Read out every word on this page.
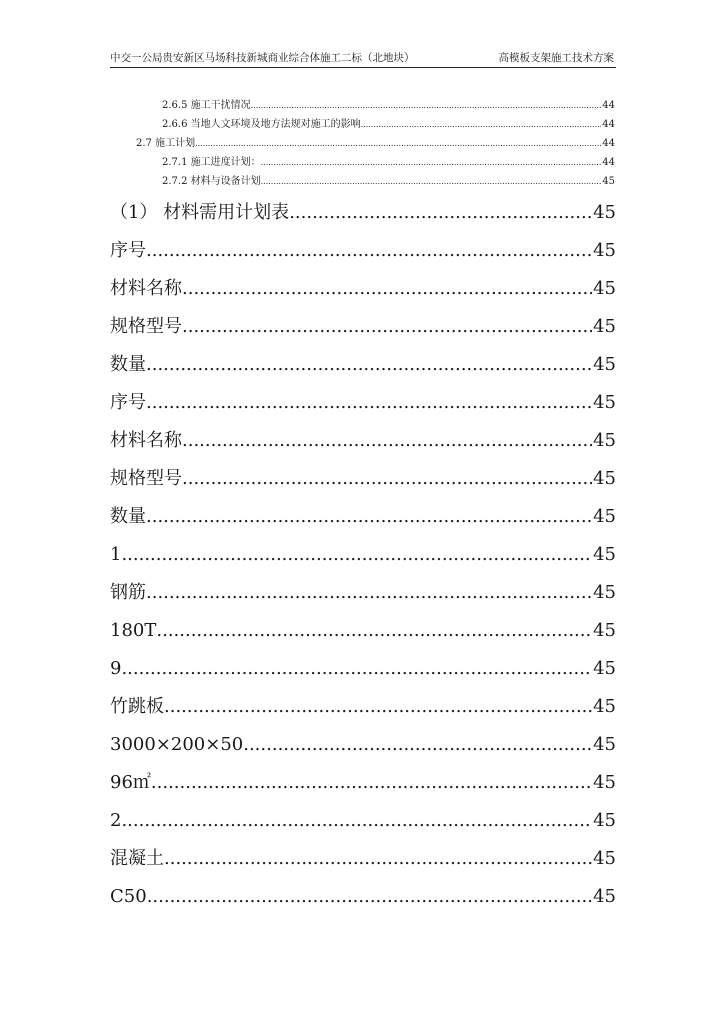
中交一公局贵安新区马场科技新城商业综合体施工二标（北地块）	高模板支架施工技术方案
2.6.5 施工干扰情况 .....	44
2.6.6 当地人文环境及地方法规对施工的影响 .....	44
2.7 施工计划 .....	44
2.7.1 施工进度计划： .....	44
2.7.2 材料与设备计划 .....	45
（1） 材料需用计划表 .....	45
序号 .....	45
材料名称 .....	45
规格型号 .....	45
数量 .....	45
序号 .....	45
材料名称 .....	45
规格型号 .....	45
数量 .....	45
1 .....	45
钢筋 .....	45
180T .....	45
9 .....	45
竹跳板 .....	45
3000×200×50 .....	45
96㎡ .....	45
2 .....	45
混凝土 .....	45
C50 .....	45
